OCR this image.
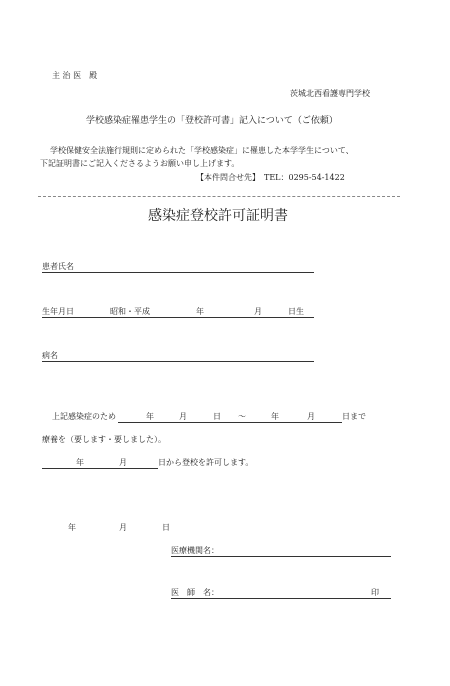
主 治 医　殿
茨城北西看護専門学校
学校感染症罹患学生の「登校許可書」記入について（ご依頼）
学校保健安全法施行規則に定められた「学校感染症」に罹患した本学学生について、
下記証明書にご記入くださるようお願い申し上げます。
【本件問合せ先】　TEL：0295-54-1422
感染症登校許可証明書
患者氏名
生年月日	昭和・平成	年	月	日生
病名
上記感染症のため	年	月	日 ～	年	月	日まで
療養を（要します・要しました）。
年	月	日から登校を許可します。
年	月	日
医療機関名：
医　師　名：	印
